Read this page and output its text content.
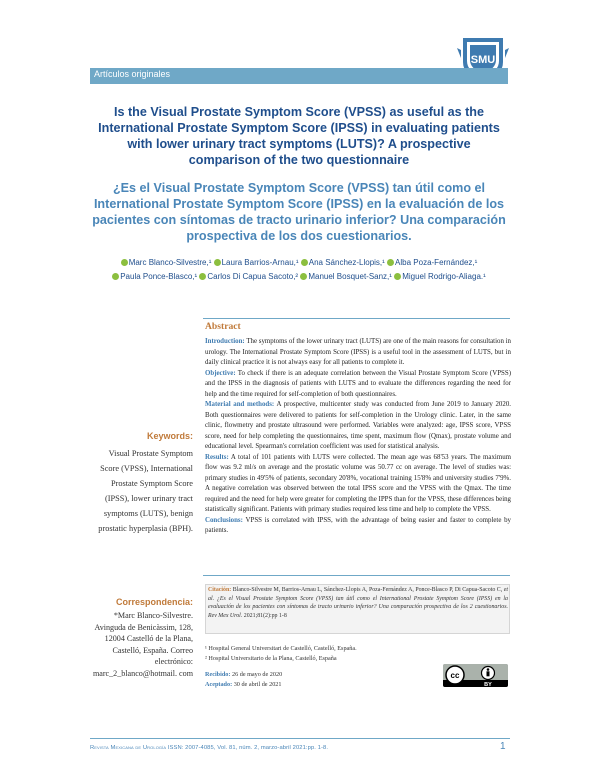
SMU
Artículos originales
Is the Visual Prostate Symptom Score (VPSS) as useful as the International Prostate Symptom Score (IPSS) in evaluating patients with lower urinary tract symptoms (LUTS)? A prospective comparison of the two questionnaire
¿Es el Visual Prostate Symptom Score (VPSS) tan útil como el International Prostate Symptom Score (IPSS) en la evaluación de los pacientes con síntomas de tracto urinario inferior? Una comparación prospectiva de los dos cuestionarios.
Marc Blanco-Silvestre,¹ Laura Barrios-Arnau,¹ Ana Sánchez-Llopis,¹ Alba Poza-Fernández,¹
Paula Ponce-Blasco,¹ Carlos Di Capua Sacoto,² Manuel Bosquet-Sanz,¹ Miguel Rodrigo-Aliaga.¹
Abstract

Introduction: The symptoms of the lower urinary tract (LUTS) are one of the main reasons for consultation in urology. The International Prostate Symptom Score (IPSS) is a useful tool in the assessment of LUTS, but in daily clinical practice it is not always easy for all patients to complete it.

Objective: To check if there is an adequate correlation between the Visual Prostate Symptom Score (VPSS) and the IPSS in the diagnosis of patients with LUTS and to evaluate the differences regarding the need for help and the time required for self-completion of both questionnaires.

Material and methods: A prospective, multicenter study was conducted from June 2019 to January 2020. Both questionnaires were delivered to patients for self-completion in the Urology clinic. Later, in the same clinic, flowmetry and prostate ultrasound were performed. Variables were analyzed: age, IPSS score, VPSS score, need for help completing the questionnaires, time spent, maximum flow (Qmax), prostate volume and educational level. Spearman's correlation coefficient was used for statistical analysis.

Results: A total of 101 patients with LUTS were collected. The mean age was 68'53 years. The maximum flow was 9.2 ml/s on average and the prostatic volume was 50.77 cc on average. The level of studies was: primary studies in 49'5% of patients, secondary 20'8%, vocational training 15'8% and university studies 7'9%. A negative correlation was observed between the total IPSS score and the VPSS with the Qmax. The time required and the need for help were greater for completing the IPPS than for the VPSS, these differences being statistically significant. Patients with primary studies required less time and help to complete the VPSS.

Conclusions: VPSS is correlated with IPSS, with the advantage of being easier and faster to complete by patients.

Keywords:
Visual Prostate Symptom Score (VPSS), International Prostate Symptom Score (IPSS), lower urinary tract symptoms (LUTS), benign prostatic hyperplasia (BPH).
Correspondencia:
*Marc Blanco-Silvestre. Avinguda de Benicàssim, 128, 12004 Castelló de la Plana, Castelló, España. Correo electrónico: marc_2_blanco@hotmail. com
Citación: Blanco-Silvestre M, Barrios-Arnau L, Sánchez-Llopis A, Poza-Fernández A, Ponce-Blasco P, Di Capua-Sacoto C, et al. ¿Es el Visual Prostate Symptom Score (VPSS) tan útil como el International Prostate Symptom Score (IPSS) en la evaluación de los pacientes con síntomas de tracto urinario inferior? Una comparación prospectiva de los 2 cuestionarios. Rev Mex Urol. 2021;81(2):pp 1-8
¹ Hospital General Universitari de Castelló, Castelló, España.
² Hospital Universitario de la Plana, Castelló, España
Recibido: 26 de mayo de 2020
Aceptado: 30 de abril de 2021
cc
BY
Revista Mexicana de Urología ISSN: 2007-4085, Vol. 81, núm. 2, marzo-abril 2021:pp. 1-8.	1
